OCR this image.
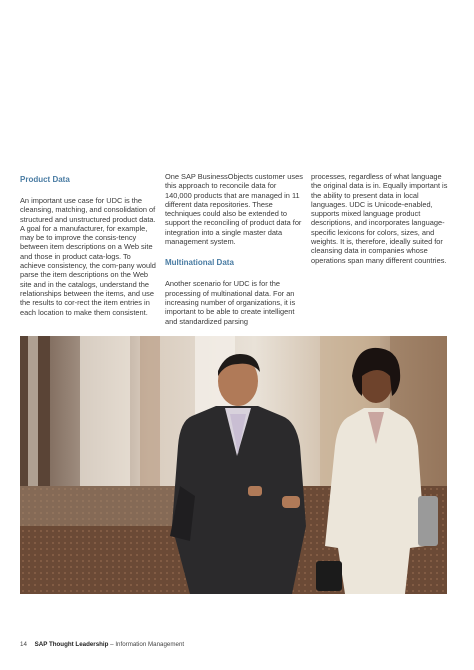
Product Data

An important use case for UDC is the cleansing, matching, and consolidation of structured and unstructured product data. A goal for a manufacturer, for example, may be to improve the consis-tency between item descriptions on a Web site and those in product cata-logs. To achieve consistency, the com-pany would parse the item descriptions on the Web site and in the catalogs, understand the relationships between the items, and use the results to cor-rect the item entries in each location to make them consistent.

One SAP BusinessObjects customer uses this approach to reconcile data for 140,000 products that are managed in 11 different data repositories. These techniques could also be extended to support the reconciling of product data for integration into a single master data management system.

Multinational Data

Another scenario for UDC is for the processing of multinational data. For an increasing number of organizations, it is important to be able to create intelligent and standardized parsing

processes, regardless of what language the original data is in. Equally important is the ability to present data in local languages. UDC is Unicode-enabled, supports mixed language product descriptions, and incorporates language-specific lexicons for colors, sizes, and weights. It is, therefore, ideally suited for cleansing data in companies whose operations span many different countries.

14 SAP Thought Leadership – Information Management
